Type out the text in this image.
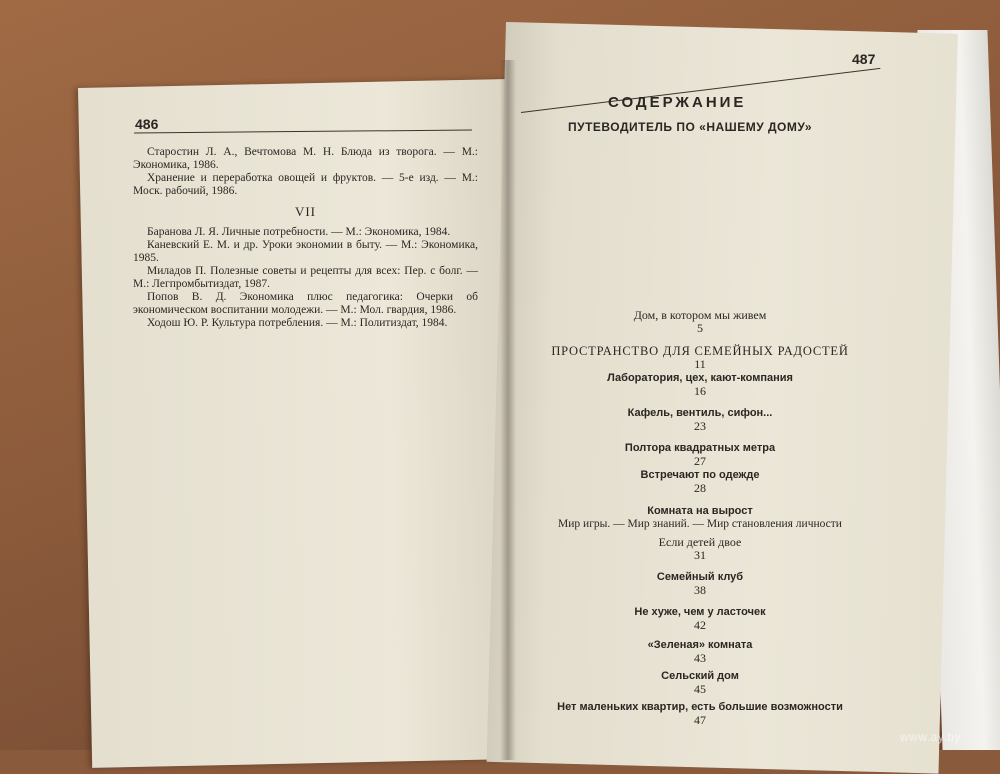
486

Старостин Л. А., Вечтомова М. Н. Блюда из творога. — М.: Экономика, 1986.

Хранение и переработка овощей и фруктов. — 5-е изд. — М.: Моск. рабочий, 1986.

VII

Баранова Л. Я. Личные потребности. — М.: Экономика, 1984.

Каневский Е. М. и др. Уроки экономии в быту. — М.: Экономика, 1985.

Миладов П. Полезные советы и рецепты для всех: Пер. с болг. — М.: Легпромбытиздат, 1987.

Попов В. Д. Экономика плюс педагогика: Очерки об экономическом воспитании молодежи. — М.: Мол. гвардия, 1986.

Ходош Ю. Р. Культура потребления. — М.: Политиздат, 1984.

487
СОДЕРЖАНИЕ
ПУТЕВОДИТЕЛЬ ПО «НАШЕМУ ДОМУ»
Дом, в котором мы живем
5
ПРОСТРАНСТВО ДЛЯ СЕМЕЙНЫХ РАДОСТЕЙ
11
Лаборатория, цех, кают-компания
16
Кафель, вентиль, сифон...
23
Полтора квадратных метра
27
Встречают по одежде
28
Комната на вырост
Мир игры. — Мир знаний. — Мир становления личности
Если детей двое
31
Семейный клуб
38
Не хуже, чем у ласточек
42
«Зеленая» комната
43
Сельский дом
45
Нет маленьких квартир, есть большие возможности
47
www.ay.by
